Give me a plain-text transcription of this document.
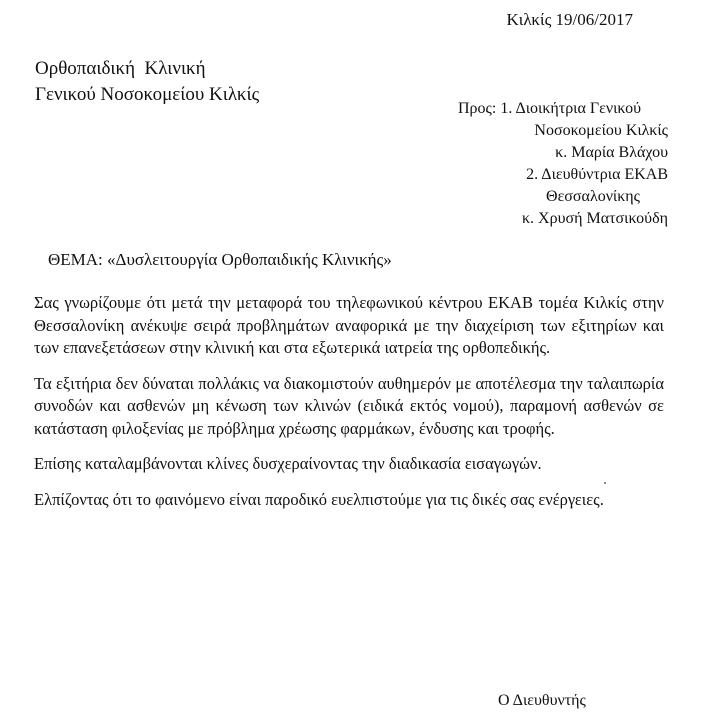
Κιλκίς 19/06/2017
Ορθοπαιδική  Κλινική
Γενικού Νοσοκομείου Κιλκίς
Προς: 1. Διοικήτρια Γενικού
Νοσοκομείου Κιλκίς
κ. Μαρία Βλάχου
2. Διευθύντρια ΕΚΑΒ
Θεσσαλονίκης
κ. Χρυσή Ματσικούδη
ΘΕΜΑ: «Δυσλειτουργία Ορθοπαιδικής Κλινικής»

Σας γνωρίζουμε ότι μετά την μεταφορά του τηλεφωνικού κέντρου ΕΚΑΒ τομέα Κιλκίς στην Θεσσαλονίκη ανέκυψε σειρά προβλημάτων αναφορικά με την διαχείριση των εξιτηρίων και των επανεξετάσεων στην κλινική και στα εξωτερικά ιατρεία της ορθοπεδικής.

Τα εξιτήρια δεν δύναται πολλάκις να διακομιστούν αυθημερόν με αποτέλεσμα την ταλαιπωρία συνοδών και ασθενών μη κένωση των κλινών (ειδικά εκτός νομού), παραμονή ασθενών σε κατάσταση φιλοξενίας με πρόβλημα χρέωσης φαρμάκων, ένδυσης και τροφής.

Επίσης καταλαμβάνονται κλίνες δυσχεραίνοντας την διαδικασία εισαγωγών.

Ελπίζοντας ότι το φαινόμενο είναι παροδικό ευελπιστούμε για τις δικές σας ενέργειες.

Ο Διευθυντής
